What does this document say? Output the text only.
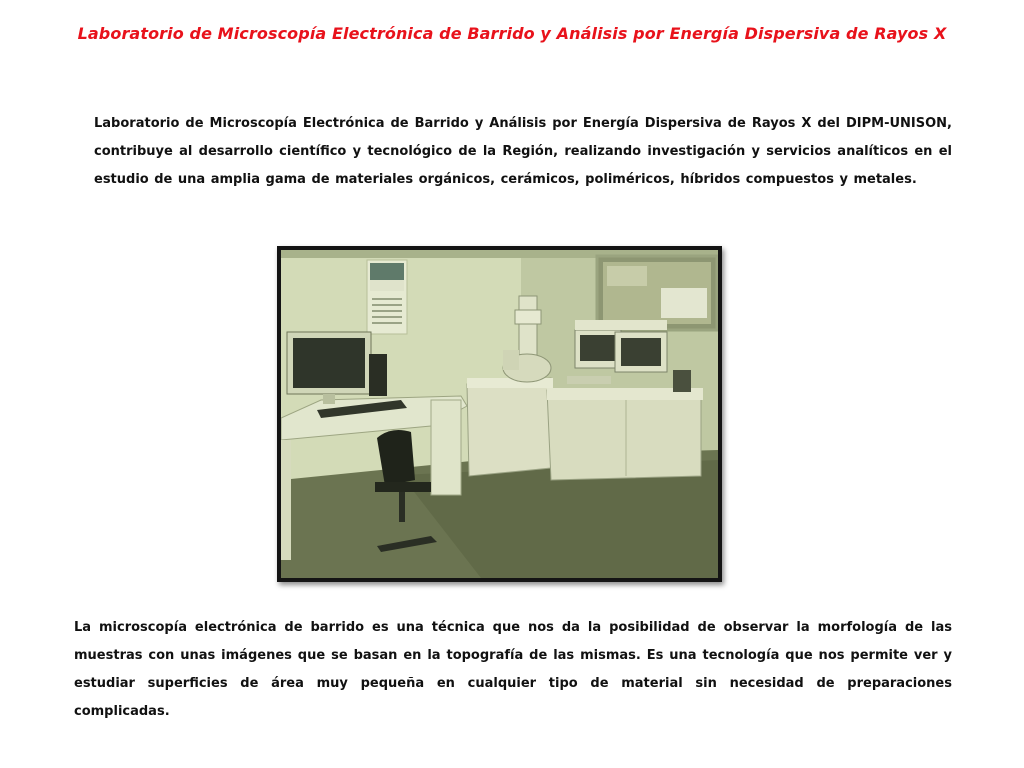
Laboratorio de Microscopía Electrónica de Barrido y Análisis por Energía Dispersiva de Rayos X

Laboratorio de Microscopía Electrónica de Barrido y Análisis por Energía Dispersiva de Rayos X del DIPM-UNISON, contribuye al desarrollo científico y tecnológico de la Región, realizando investigación y servicios analíticos en el estudio de una amplia gama de materiales orgánicos, cerámicos, poliméricos, híbridos compuestos y metales.

La microscopía electrónica de barrido es una técnica que nos da la posibilidad de observar la morfología de las muestras con unas imágenes que se basan en la topografía de las mismas. Es una tecnología que nos permite ver y estudiar superficies de área muy pequeña en cualquier tipo de material sin necesidad de preparaciones complicadas.
